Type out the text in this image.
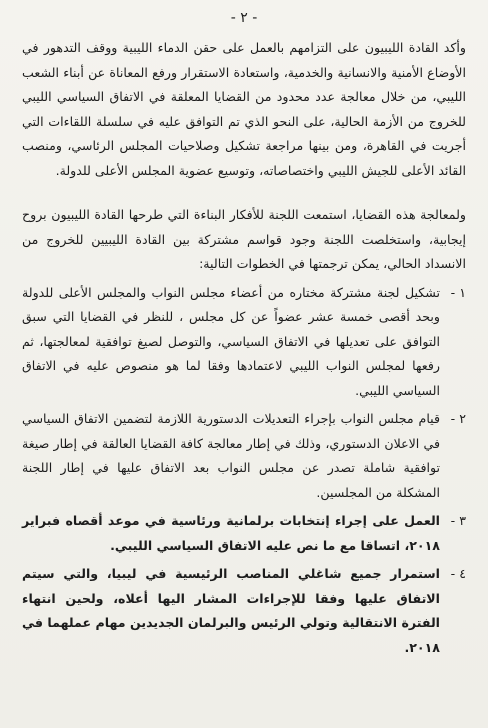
- ٢ -

وأكد القادة الليبيون على التزامهم بالعمل على حقن الدماء الليبية ووقف التدهور في الأوضاع الأمنية والانسانية والخدمية، واستعادة الاستقرار ورفع المعاناة عن أبناء الشعب الليبي، من خلال معالجة عدد محدود من القضايا المعلقة في الاتفاق السياسي الليبي للخروج من الأزمة الحالية، على النحو الذي تم التوافق عليه في سلسلة اللقاءات التي أجريت في القاهرة، ومن بينها مراجعة تشكيل وصلاحيات المجلس الرئاسي، ومنصب القائد الأعلى للجيش الليبي واختصاصاته، وتوسيع عضوية المجلس الأعلى للدولة.

ولمعالجة هذه القضايا، استمعت اللجنة للأفكار البناءة التي طرحها القادة الليبيون بروح إيجابية، واستخلصت اللجنة وجود قواسم مشتركة بين القادة الليبيين للخروج من الانسداد الحالي، يمكن ترجمتها في الخطوات التالية:

١ -
تشكيل لجنة مشتركة مختاره من أعضاء مجلس النواب والمجلس الأعلى للدولة وبحد أقصى خمسة عشر عضواً عن كل مجلس ، للنظر في القضايا التي سبق التوافق على تعديلها في الاتفاق السياسي، والتوصل لصيغ توافقية لمعالجتها، ثم رفعها لمجلس النواب الليبي لاعتمادها وفقا لما هو منصوص عليه في الاتفاق السياسي الليبي.
٢ -
قيام مجلس النواب بإجراء التعديلات الدستورية اللازمة لتضمين الاتفاق السياسي في الاعلان الدستوري، وذلك في إطار معالجة كافة القضايا العالقة في إطار صيغة توافقية شاملة تصدر عن مجلس النواب بعد الاتفاق عليها في إطار اللجنة المشكلة من المجلسين.
٣ -
العمل على إجراء إنتخابات برلمانية ورئاسية في موعد أقصاه فبراير ٢٠١٨، اتساقا مع ما نص عليه الاتفاق السياسي الليبي.
٤ -
استمرار جميع شاغلي المناصب الرئيسية في ليبيا، والتي سيتم الاتفاق عليها وفقا للإجراءات المشار اليها أعلاه، ولحين انتهاء الفترة الانتقالية وتولي الرئيس والبرلمان الجديدين مهام عملهما في ٢٠١٨.
